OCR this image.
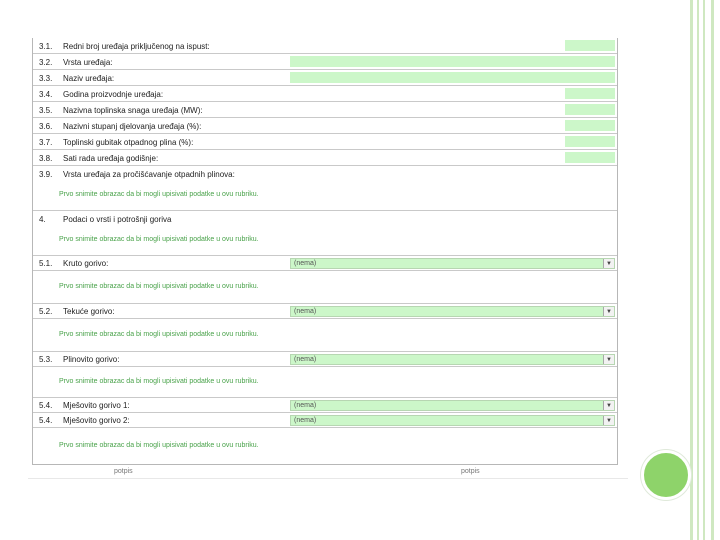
3.1. Redni broj uređaja priključenog na ispust:
3.2. Vrsta uređaja:
3.3. Naziv uređaja:
3.4. Godina proizvodnje uređaja:
3.5. Nazivna toplinska snaga uređaja (MW):
3.6. Nazivni stupanj djelovanja uređaja (%):
3.7. Toplinski gubitak otpadnog plina (%):
3.8. Sati rada uređaja godišnje:
3.9. Vrsta uređaja za pročišćavanje otpadnih plinova:
Prvo snimite obrazac da bi mogli upisivati podatke u ovu rubriku.
4. Podaci o vrsti i potrošnji goriva
Prvo snimite obrazac da bi mogli upisivati podatke u ovu rubriku.
5.1. Kruto gorivo:	(nema)	▼
Prvo snimite obrazac da bi mogli upisivati podatke u ovu rubriku.
5.2. Tekuće gorivo:	(nema)	▼
Prvo snimite obrazac da bi mogli upisivati podatke u ovu rubriku.
5.3. Plinovito gorivo:	(nema)	▼
Prvo snimite obrazac da bi mogli upisivati podatke u ovu rubriku.
5.4. Mješovito gorivo 1:	(nema)	▼
5.4. Mješovito gorivo 2:	(nema)	▼
Prvo snimite obrazac da bi mogli upisivati podatke u ovu rubriku.
potpis	potpis
